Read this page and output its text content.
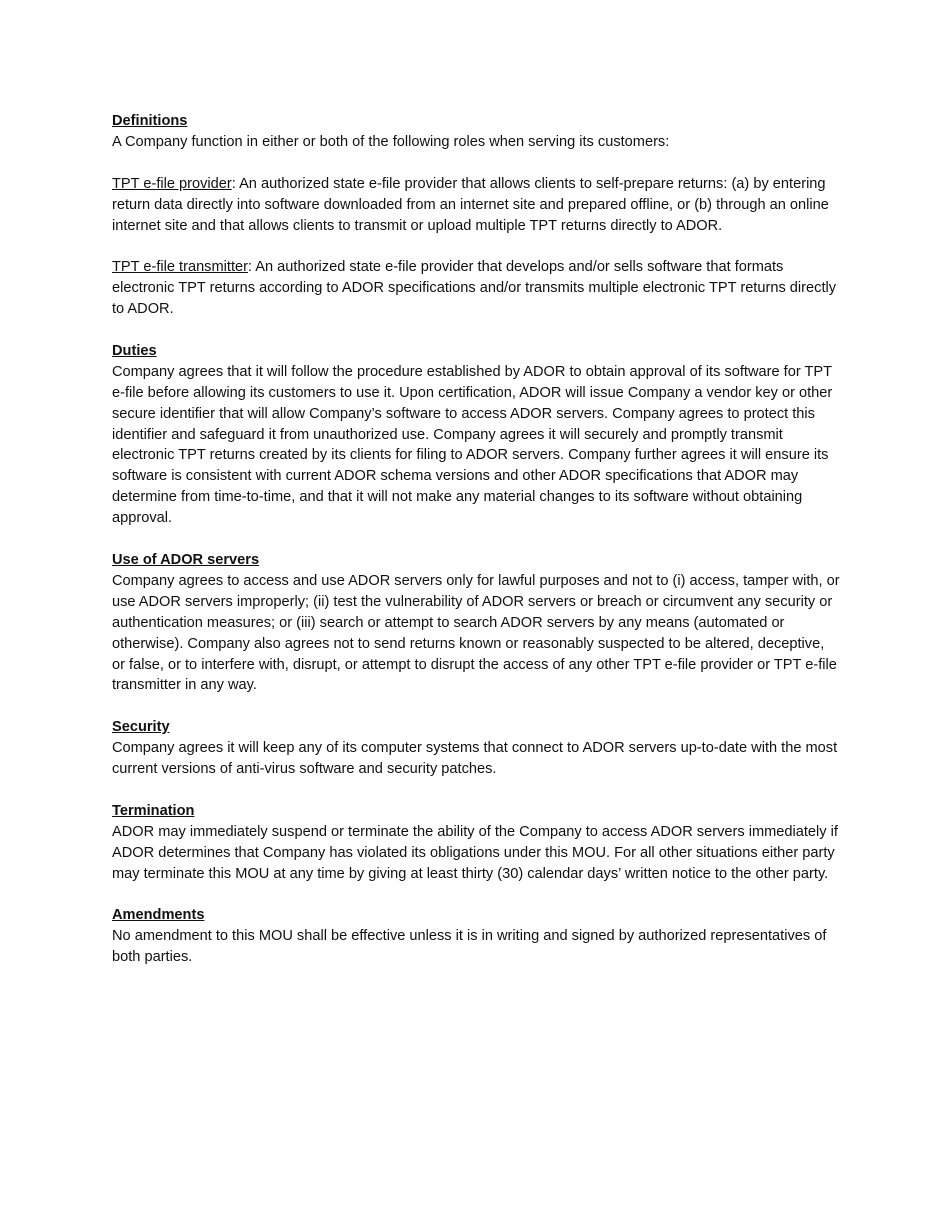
Definitions

A Company function in either or both of the following roles when serving its customers:

TPT e-file provider: An authorized state e-file provider that allows clients to self-prepare returns: (a) by entering return data directly into software downloaded from an internet site and prepared offline, or (b) through an online internet site and that allows clients to transmit or upload multiple TPT returns directly to ADOR.

TPT e-file transmitter: An authorized state e-file provider that develops and/or sells software that formats electronic TPT returns according to ADOR specifications and/or transmits multiple electronic TPT returns directly to ADOR.

Duties

Company agrees that it will follow the procedure established by ADOR to obtain approval of its software for TPT e-file before allowing its customers to use it. Upon certification, ADOR will issue Company a vendor key or other secure identifier that will allow Company’s software to access ADOR servers. Company agrees to protect this identifier and safeguard it from unauthorized use. Company agrees it will securely and promptly transmit electronic TPT returns created by its clients for filing to ADOR servers. Company further agrees it will ensure its software is consistent with current ADOR schema versions and other ADOR specifications that ADOR may determine from time-to-time, and that it will not make any material changes to its software without obtaining approval.

Use of ADOR servers

Company agrees to access and use ADOR servers only for lawful purposes and not to (i) access, tamper with, or use ADOR servers improperly; (ii) test the vulnerability of ADOR servers or breach or circumvent any security or authentication measures; or (iii) search or attempt to search ADOR servers by any means (automated or otherwise). Company also agrees not to send returns known or reasonably suspected to be altered, deceptive, or false, or to interfere with, disrupt, or attempt to disrupt the access of any other TPT e-file provider or TPT e-file transmitter in any way.

Security

Company agrees it will keep any of its computer systems that connect to ADOR servers up-to-date with the most current versions of anti-virus software and security patches.

Termination

ADOR may immediately suspend or terminate the ability of the Company to access ADOR servers immediately if ADOR determines that Company has violated its obligations under this MOU. For all other situations either party may terminate this MOU at any time by giving at least thirty (30) calendar days’ written notice to the other party.

Amendments

No amendment to this MOU shall be effective unless it is in writing and signed by authorized representatives of both parties.
